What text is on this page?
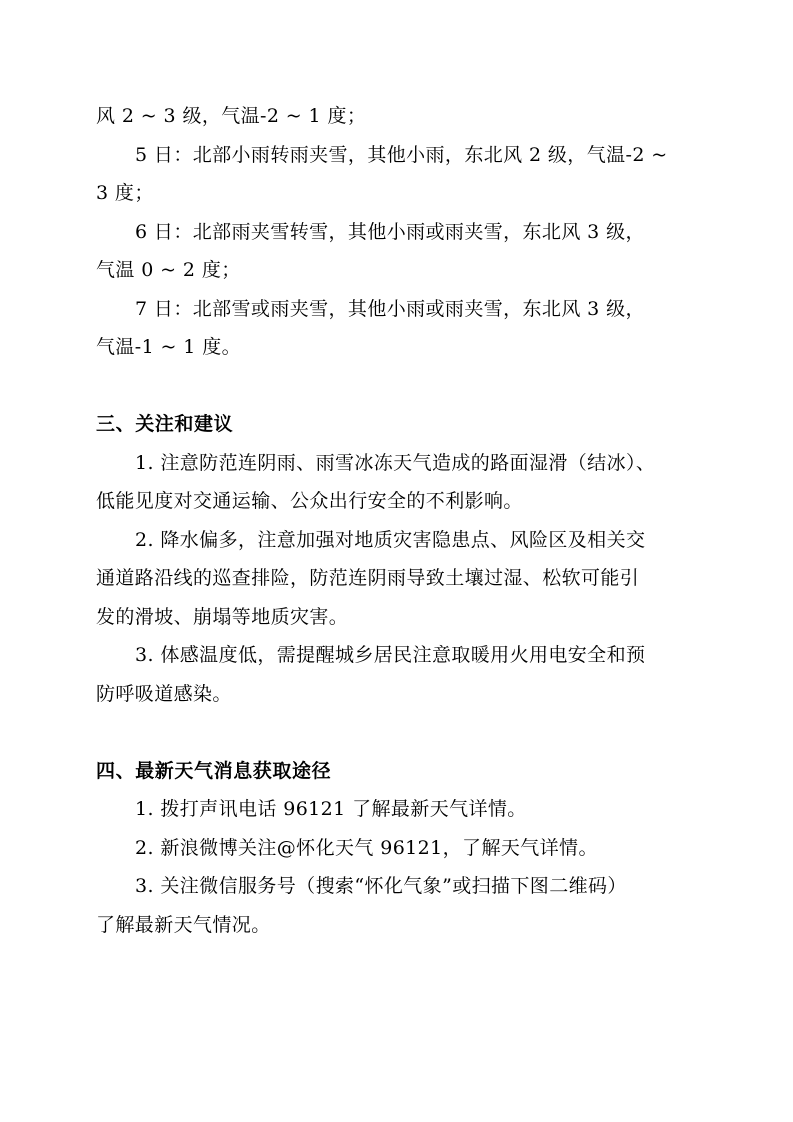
风 2 ~ 3 级，气温-2 ~ 1 度；
5 日：北部小雨转雨夹雪，其他小雨，东北风 2 级，气温-2 ~
3 度；
6 日：北部雨夹雪转雪，其他小雨或雨夹雪，东北风 3 级，
气温 0 ~ 2 度；
7 日：北部雪或雨夹雪，其他小雨或雨夹雪，东北风 3 级，
气温-1 ~ 1 度。
三、关注和建议
1. 注意防范连阴雨、雨雪冰冻天气造成的路面湿滑（结冰）、
低能见度对交通运输、公众出行安全的不利影响。
2. 降水偏多，注意加强对地质灾害隐患点、风险区及相关交
通道路沿线的巡查排险，防范连阴雨导致土壤过湿、松软可能引
发的滑坡、崩塌等地质灾害。
3. 体感温度低，需提醒城乡居民注意取暖用火用电安全和预
防呼吸道感染。
四、最新天气消息获取途径
1. 拨打声讯电话 96121 了解最新天气详情。
2. 新浪微博关注@怀化天气 96121，了解天气详情。
3. 关注微信服务号（搜索“怀化气象”或扫描下图二维码）
了解最新天气情况。
